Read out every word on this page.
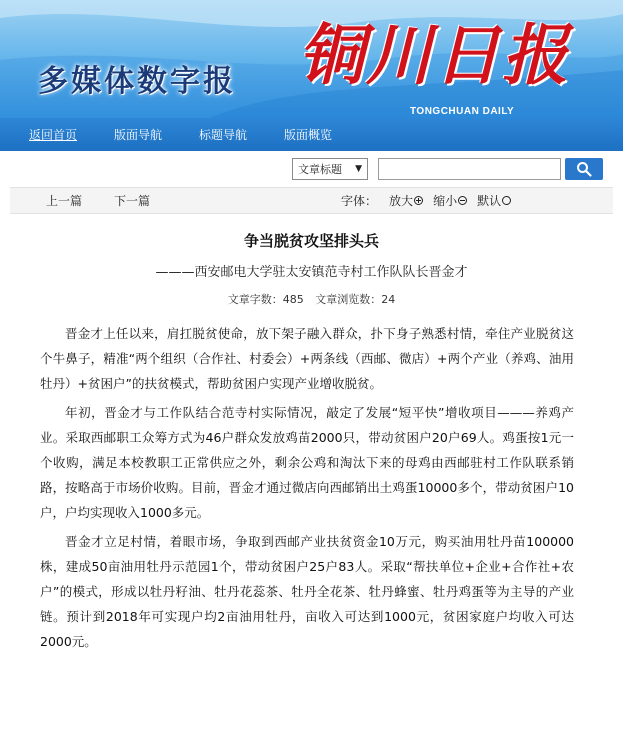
多媒体数字报 铜川日报
TONGCHUAN DAILY
返回首页	版面导航	标题导航	版面概览
文章标题 ▼
上一篇	下一篇	字体： 放大 缩小 默认
争当脱贫攻坚排头兵
———西安邮电大学驻太安镇范寺村工作队队长晋金才
文章字数：485 文章浏览数：24

晋金才上任以来，肩扛脱贫使命，放下架子融入群众，扑下身子熟悉村情，牵住产业脱贫这个牛鼻子，精准“两个组织（合作社、村委会）+两条线（西邮、微店）+两个产业（养鸡、油用牡丹）+贫困户”的扶贫模式，帮助贫困户实现产业增收脱贫。

年初，晋金才与工作队结合范寺村实际情况，敲定了发展“短平快”增收项目———养鸡产业。采取西邮职工众筹方式为46户群众发放鸡苗2000只，带动贫困户20户69人。鸡蛋按1元一个收购，满足本校教职工正常供应之外，剩余公鸡和淘汰下来的母鸡由西邮驻村工作队联系销路，按略高于市场价收购。目前，晋金才通过微店向西邮销出土鸡蛋10000多个，带动贫困户10户，户均实现收入1000多元。

晋金才立足村情，着眼市场，争取到西邮产业扶贫资金10万元，购买油用牡丹苗100000株，建成50亩油用牡丹示范园1个，带动贫困户25户83人。采取“帮扶单位+企业+合作社+农户”的模式，形成以牡丹籽油、牡丹花蕊茶、牡丹全花茶、牡丹蜂蜜、牡丹鸡蛋等为主导的产业链。预计到2018年可实现户均2亩油用牡丹，亩收入可达到1000元，贫困家庭户均收入可达2000元。
